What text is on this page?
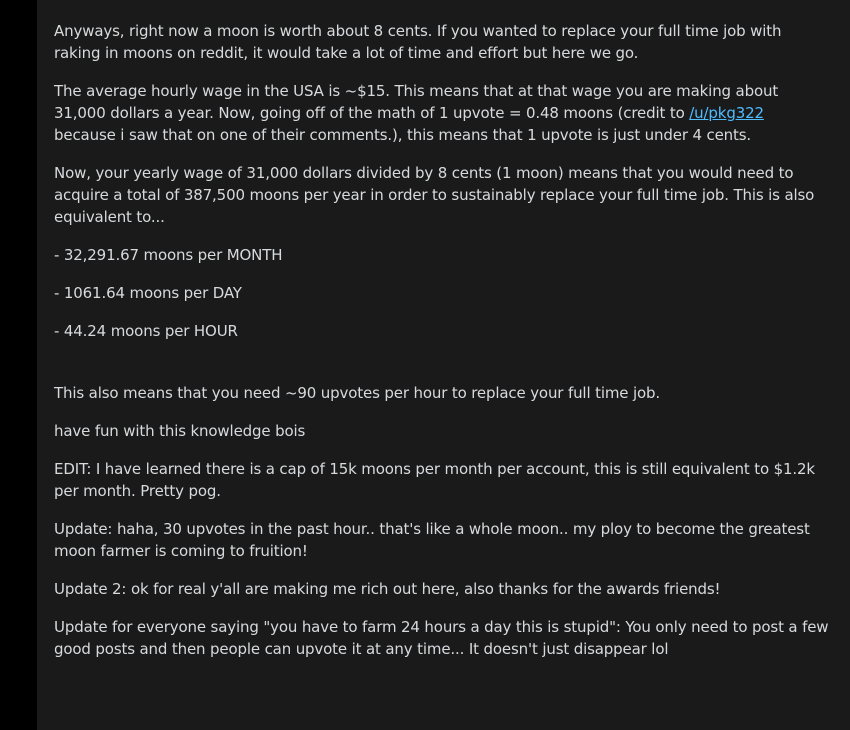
Anyways, right now a moon is worth about 8 cents. If you wanted to replace your full time job with raking in moons on reddit, it would take a lot of time and effort but here we go.

The average hourly wage in the USA is ~$15. This means that at that wage you are making about 31,000 dollars a year. Now, going off of the math of 1 upvote = 0.48 moons (credit to /u/pkg322 because i saw that on one of their comments.), this means that 1 upvote is just under 4 cents.

Now, your yearly wage of 31,000 dollars divided by 8 cents (1 moon) means that you would need to acquire a total of 387,500 moons per year in order to sustainably replace your full time job. This is also equivalent to...

- 32,291.67 moons per MONTH

- 1061.64 moons per DAY

- 44.24 moons per HOUR

This also means that you need ~90 upvotes per hour to replace your full time job.

have fun with this knowledge bois

EDIT: I have learned there is a cap of 15k moons per month per account, this is still equivalent to $1.2k per month. Pretty pog.

Update: haha, 30 upvotes in the past hour.. that's like a whole moon.. my ploy to become the greatest moon farmer is coming to fruition!

Update 2: ok for real y'all are making me rich out here, also thanks for the awards friends!

Update for everyone saying "you have to farm 24 hours a day this is stupid": You only need to post a few good posts and then people can upvote it at any time... It doesn't just disappear lol
